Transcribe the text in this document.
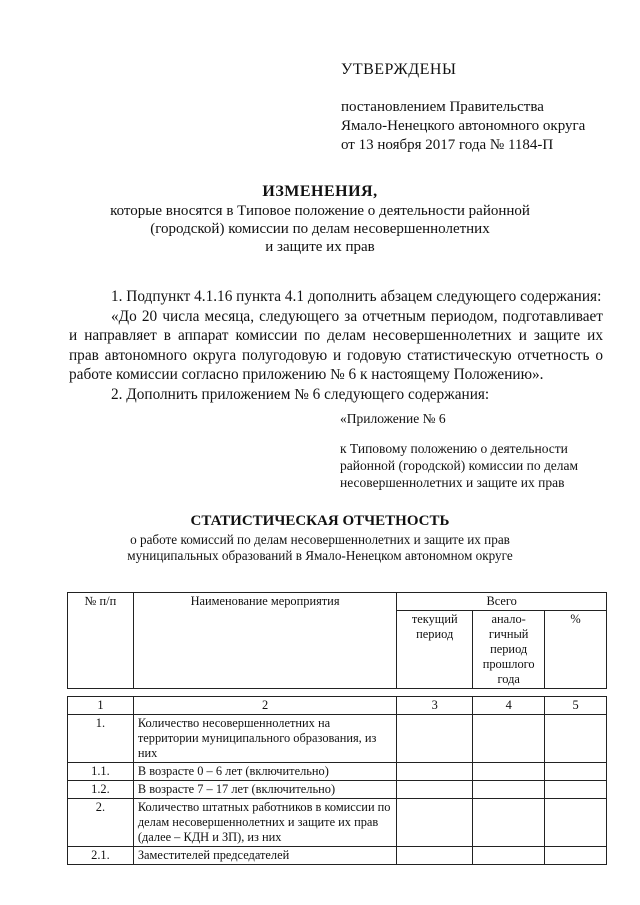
УТВЕРЖДЕНЫ
постановлением Правительства
Ямало-Ненецкого автономного округа
от 13 ноября 2017 года № 1184-П
ИЗМЕНЕНИЯ,
которые вносятся в Типовое положение о деятельности районной
(городской) комиссии по делам несовершеннолетних
и защите их прав

1. Подпункт 4.1.16 пункта 4.1 дополнить абзацем следующего содержания:

«До 20 числа месяца, следующего за отчетным периодом, подготавливает и направляет в аппарат комиссии по делам несовершеннолетних и защите их прав автономного округа полугодовую и годовую статистическую отчетность о работе комиссии согласно приложению № 6 к настоящему Положению».

2. Дополнить приложением № 6 следующего содержания:

«Приложение № 6
к Типовому положению о деятельности
районной (городской) комиссии по делам
несовершеннолетних и защите их прав
СТАТИСТИЧЕСКАЯ ОТЧЕТНОСТЬ
о работе комиссий по делам несовершеннолетних и защите их прав
муниципальных образований в Ямало-Ненецком автономном округе
№ п/п	Наименование мероприятия	Всего		
		текущий период	анало-гичный период прошлого года	%

1	2	3	4	5
1.	Количество несовершеннолетних на территории муниципального образования, из них			
1.1.	В возрасте 0 – 6 лет (включительно)			
1.2.	В возрасте 7 – 17 лет (включительно)			
2.	Количество штатных работников в комиссии по делам несовершеннолетних и защите их прав (далее – КДН и ЗП), из них			
2.1.	Заместителей председателей			
